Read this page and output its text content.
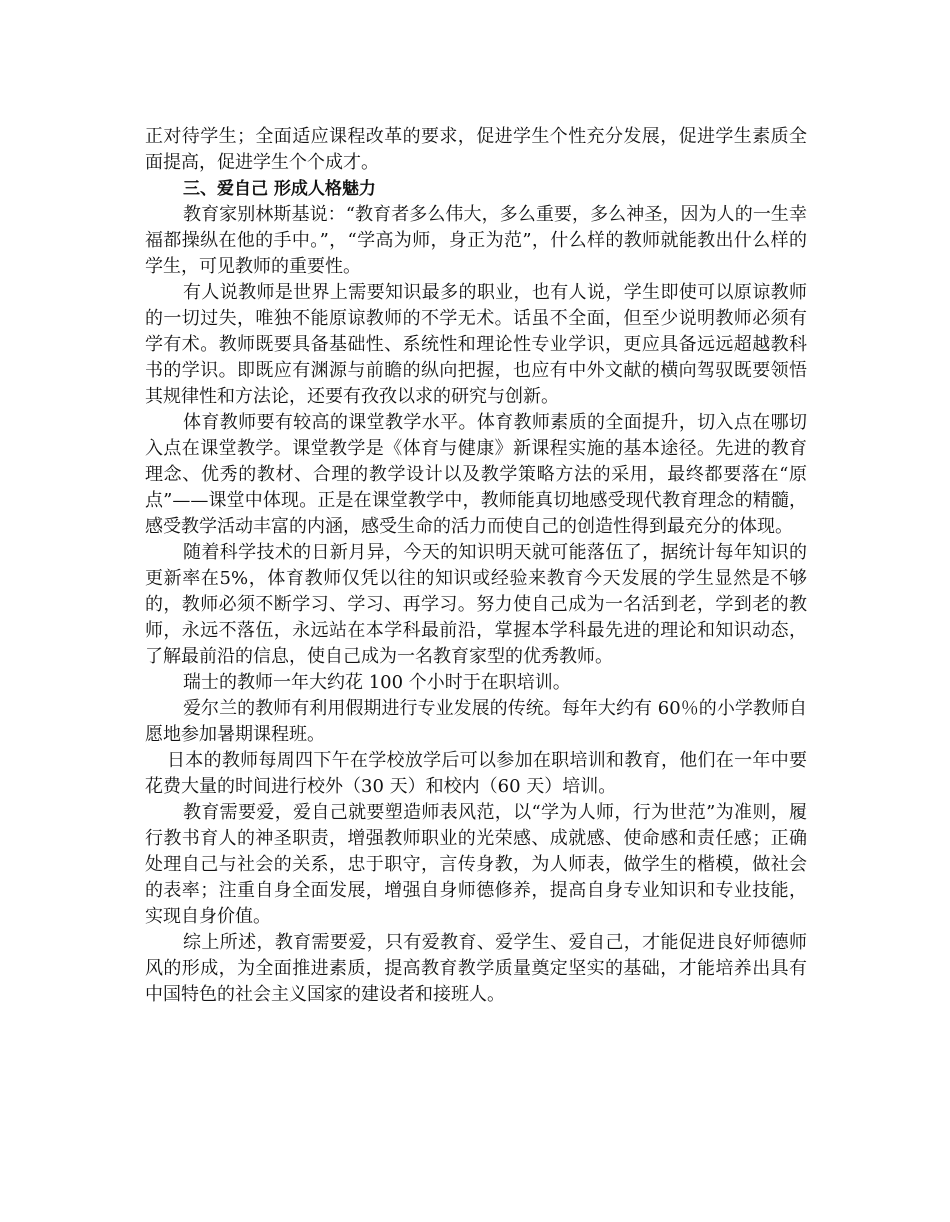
正对待学生；全面适应课程改革的要求，促进学生个性充分发展，促进学生素质全面提高，促进学生个个成才。

三、爱自己 形成人格魅力

教育家别林斯基说：“教育者多么伟大，多么重要，多么神圣，因为人的一生幸福都操纵在他的手中。”，“学高为师，身正为范”，什么样的教师就能教出什么样的学生，可见教师的重要性。

有人说教师是世界上需要知识最多的职业，也有人说，学生即使可以原谅教师的一切过失，唯独不能原谅教师的不学无术。话虽不全面，但至少说明教师必须有学有术。教师既要具备基础性、系统性和理论性专业学识，更应具备远远超越教科书的学识。即既应有渊源与前瞻的纵向把握，也应有中外文献的横向驾驭既要领悟其规律性和方法论，还要有孜孜以求的研究与创新。

体育教师要有较高的课堂教学水平。体育教师素质的全面提升，切入点在哪切入点在课堂教学。课堂教学是《体育与健康》新课程实施的基本途径。先进的教育理念、优秀的教材、合理的教学设计以及教学策略方法的采用，最终都要落在“原点”——课堂中体现。正是在课堂教学中，教师能真切地感受现代教育理念的精髓，感受教学活动丰富的内涵，感受生命的活力而使自己的创造性得到最充分的体现。

随着科学技术的日新月异，今天的知识明天就可能落伍了，据统计每年知识的更新率在5%，体育教师仅凭以往的知识或经验来教育今天发展的学生显然是不够的，教师必须不断学习、学习、再学习。努力使自己成为一名活到老，学到老的教师，永远不落伍，永远站在本学科最前沿，掌握本学科最先进的理论和知识动态，了解最前沿的信息，使自己成为一名教育家型的优秀教师。

瑞士的教师一年大约花 100 个小时于在职培训。

爱尔兰的教师有利用假期进行专业发展的传统。每年大约有 60％的小学教师自愿地参加暑期课程班。

日本的教师每周四下午在学校放学后可以参加在职培训和教育，他们在一年中要花费大量的时间进行校外（30 天）和校内（60 天）培训。

教育需要爱，爱自己就要塑造师表风范，以“学为人师，行为世范”为准则，履行教书育人的神圣职责，增强教师职业的光荣感、成就感、使命感和责任感；正确处理自己与社会的关系，忠于职守，言传身教，为人师表，做学生的楷模，做社会的表率；注重自身全面发展，增强自身师德修养，提高自身专业知识和专业技能，实现自身价值。

综上所述，教育需要爱，只有爱教育、爱学生、爱自己，才能促进良好师德师风的形成，为全面推进素质，提高教育教学质量奠定坚实的基础，才能培养出具有中国特色的社会主义国家的建设者和接班人。
